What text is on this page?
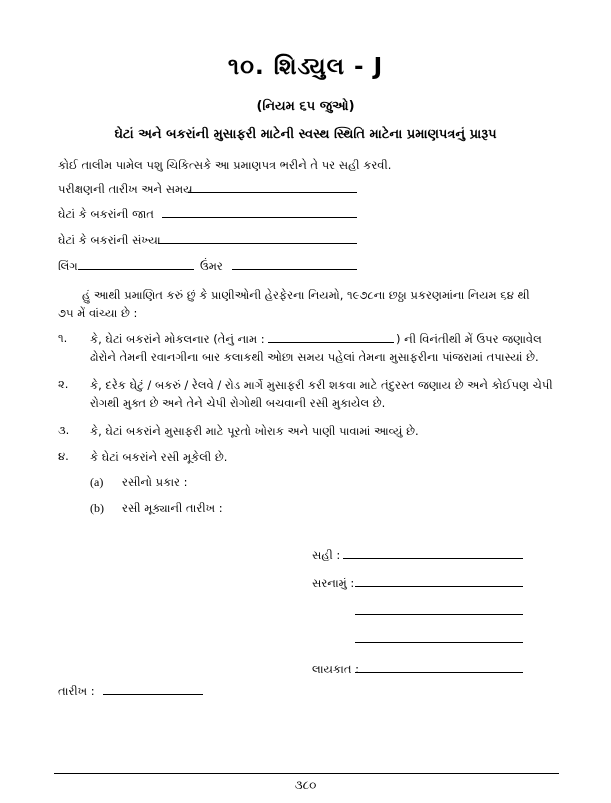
૧૦. શિડ્યુલ - J
(નિયમ ૬૫ જુઓ)
ઘેટાં અને બકરાંની મુસાફરી માટેની સ્વસ્થ સ્થિતિ માટેના પ્રમાણપત્રનું પ્રારૂપ
કોઈ તાલીમ પામેલ પશુ ચિકિત્સકે આ પ્રમાણપત્ર ભરીને તે પર સહી કરવી.
પરીક્ષણની તારીખ અને સમય
ઘેટાં કે બકરાંની જાત
ઘેટાં કે બકરાંની સંખ્યા
લિંગ	ઉંમર
હું આથી પ્રમાણિત કરું છું કે પ્રાણીઓની હેરફેરના નિયમો, ૧૯૭૮ના છઠ્ઠા પ્રકરણમાંના નિયમ ૬૪ થી
૭૫ મેં વાંચ્યા છે :
૧. કે, ઘેટાં બકરાંને મોકલનાર (તેનું નામ :	) ની વિનંતીથી મેં ઉપર જણાવેલ
ઢોરોને તેમની રવાનગીના બાર કલાકથી ઓછા સમય પહેલાં તેમના મુસાફરીના પાંજરામાં તપાસ્યાં છે.
૨. કે, દરેક ઘેટું / બકરું / રેલવે / રોડ માર્ગે મુસાફરી કરી શકવા માટે તંદુરસ્ત જણાય છે અને કોઈપણ ચેપી
રોગથી મુક્ત છે અને તેને ચેપી રોગોથી બચવાની રસી મુકાયેલ છે.
૩. કે, ઘેટાં બકરાંને મુસાફરી માટે પૂરતો ખોરાક અને પાણી પાવામાં આવ્યું છે.
૪. કે ઘેટાં બકરાંને રસી મૂકેલી છે.
(a) રસીનો પ્રકાર :
(b) રસી મૂક્યાની તારીખ :
સહી :
સરનામું :
લાયકાત :
તારીખ :
૩૮૦
